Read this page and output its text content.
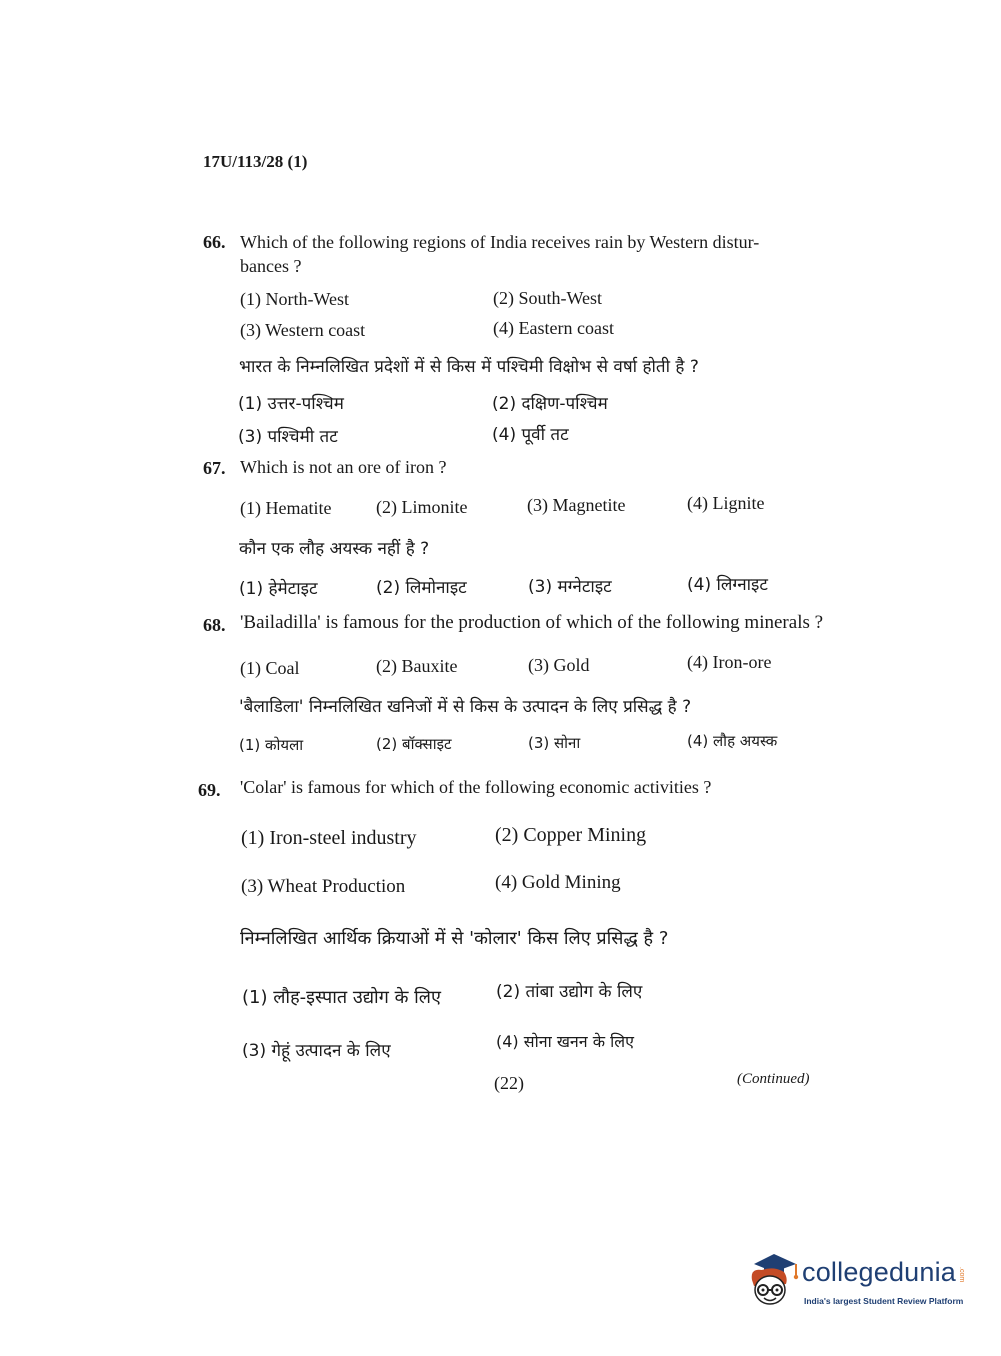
17U/113/28 (1)
66. Which of the following regions of India receives rain by Western distur-
bances ?
(1) North-West	(2) South-West
(3) Western coast	(4) Eastern coast
भारत के निम्नलिखित प्रदेशों में से किस में पश्चिमी विक्षोभ से वर्षा होती है ?
(1) उत्तर-पश्चिम	(2) दक्षिण-पश्चिम
(3) पश्चिमी तट	(4) पूर्वी तट
67. Which is not an ore of iron ?
(1) Hematite (2) Limonite	(3) Magnetite	(4) Lignite
कौन एक लौह अयस्क नहीं है ?
(1) हेमेटाइट	(2) लिमोनाइट	(3) मग्नेटाइट	(4) लिग्नाइट
68. 'Bailadilla' is famous for the production of which of the following minerals ?
(1) Coal	(2) Bauxite	(3) Gold	(4) Iron-ore
'बैलाडिला' निम्नलिखित खनिजों में से किस के उत्पादन के लिए प्रसिद्ध है ?
(1) कोयला	(2) बॉक्साइट	(3) सोना	(4) लौह अयस्क
69. 'Colar' is famous for which of the following economic activities ?
(1) Iron-steel industry	(2) Copper Mining
(3) Wheat Production	(4) Gold Mining
निम्नलिखित आर्थिक क्रियाओं में से 'कोलार' किस लिए प्रसिद्ध है ?
(1) लौह-इस्पात उद्योग के लिए	(2) तांबा उद्योग के लिए
(3) गेहूं उत्पादन के लिए	(4) सोना खनन के लिए
(22)	(Continued)
collegedunia .com
India's largest Student Review Platform
